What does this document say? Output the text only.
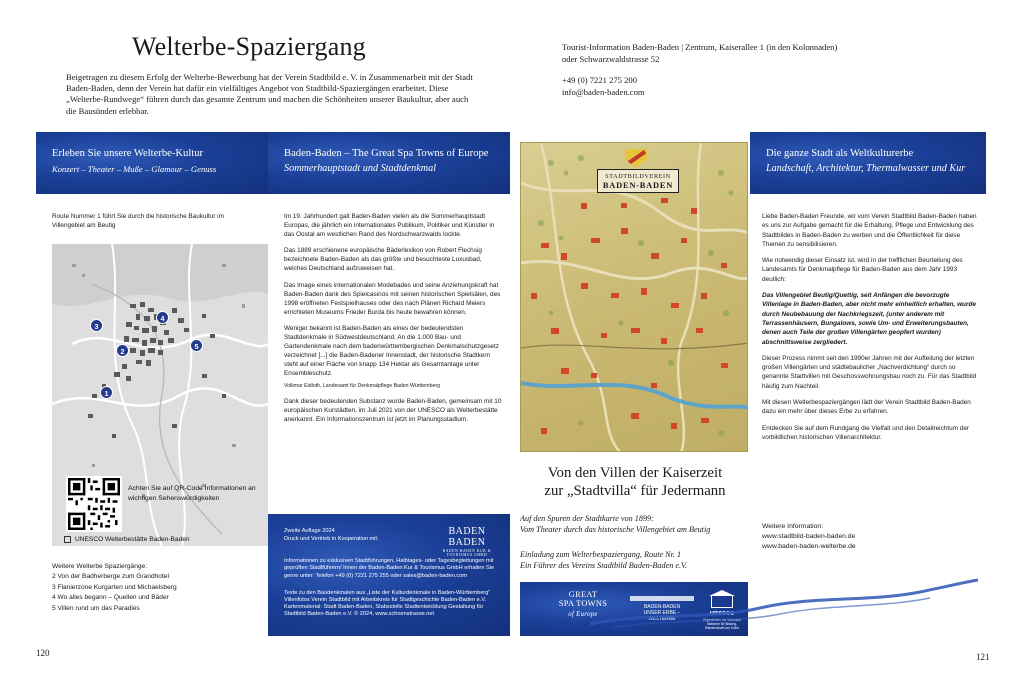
Welterbe-Spaziergang

Beigetragen zu diesem Erfolg der Welterbe-Bewerbung hat der Verein Stadtbild e. V. in Zusammenarbeit mit der Stadt Baden-Baden, denn der Verein hat dafür ein vielfältiges Angebot von Stadtbild-Spaziergängen erarbeitet. Diese „Welterbe-Rundwege“ führen durch das gesamte Zentrum und machen die Schönheiten unserer Baukultur, aber auch die Bausünden erlebbar.

Tourist-Information Baden-Baden | Zentrum, Kaiserallee 1 (in den Kolonnaden)
oder Schwarzwaldstrasse 52
+49 (0) 7221 275 200
info@baden-baden.com
Erleben Sie unsere Welterbe-Kultur
Konzert – Theater – Muße – Glamour – Genuss
Route Nummer 1 führt Sie durch die historische Baukultur im Villengebiet am Beutig
1
2
3
4
5
Achten Sie auf QR-Code Informationen an wichtigen Sehenswürdigkeiten
UNESCO Welterbestätte Baden-Baden
Weitere Welterbe Spaziergänge:
2 Von der Badherberge zum Grandhotel
3 Flanierzone Kurgarten und Michaelsberg
4 Wo alles begann – Quellen und Bäder
5 Villen rund um das Paradies
Baden-Baden – The Great Spa Towns of Europe
Sommerhauptstadt und Stadtdenkmal

Im 19. Jahrhundert galt Baden-Baden vielen als die Sommerhauptstadt Europas, die jährlich ein internationales Publikum, Politiker und Künstler in das Oostal am westlichen Rand des Nordschwarzwalds lockte.

Das 1889 erschienene europäische Bäderlexikon von Robert Flechsig bezeichnete Baden-Baden als das größte und besuchteste Luxusbad, welches Deutschland aufzuweisen hat.

Das Image eines internationalen Modebades und seine Anziehungskraft hat Baden-Baden dank des Spielcasinos mit seinen historischen Spielsälen, des 1998 eröffneten Festspielhauses oder des nach Plänen Richard Meiers errichteten Museums Frieder Burda bis heute bewahren können.

Weniger bekannt ist Baden-Baden als eines der bedeutendsten Stadtdenkmale in Südwestdeutschland. An die 1.000 Bau- und Gartendenkmale nach dem badenwürttembergischen Denkmalschutzgesetz verzeichnet [...] die Baden-Badener Innenstadt, der historische Stadtkern steht auf einer Fläche von knapp 134 Hektar als Gesamtanlage unter Ensembleschutz.

Volkmar Eidloth, Landesamt für Denkmalpflege Baden Württemberg

Dank dieser bedeutenden Substanz wurde Baden-Baden, gemeinsam mit 10 europäischen Kurstädten, im Juli 2021 von der UNESCO als Welterbestätte anerkannt. Ein Informationszentrum ist jetzt im Planungsstadium.

Zweite Auflage 2024
Druck und Vertrieb in Kooperation mit:
BADEN BADEN
BADEN-BADEN KUR & TOURISMUS GMBH
Informationen zu exklusiven Stadtführungen, Halbtages- oder Tagesbegleitungen mit geprüften Stadtführern/ Innen der Baden-Baden Kur & Tourismus GmbH erhalten Sie gerne unter: Telefon +49 (0) 7221 275 255 oder sales@baden-baden.com
Texte zu den Baudenkmalen aus „Liste der Kulturdenkmale in Baden-Württemberg“ Villenfotos Verein Stadtbild mit Arbeitskreis für Stadtgeschichte Baden-Baden e.V. Kartenmaterial: Stadt Baden-Baden, Stabsstelle Stadtentwicklung Gestaltung für Stadtbild Baden-Baden e.V. © 2024, www.schoenstrasse.net
STADTBILDVEREIN
BADEN-BADEN
Von den Villen der Kaiserzeit
zur „Stadtvilla“ für Jedermann
Auf den Spuren der Stadtkarte von 1899:
Vom Theater durch das historische Villengebiet am Beutig
Einladung zum Welterbespaziergang, Route Nr. 1
Ein Führer des Vereins Stadtbild Baden-Baden e.V.
GREAT
SPA TOWNS
of Europe
BADEN-BADEN
UNSER ERBE –
WELTERBE
unesco
Organisation der Vereinten Nationen für Bildung, Wissenschaft und Kultur
Die ganze Stadt als Weltkulturerbe
Landschaft, Architektur, Thermalwasser und Kur

Liebe Baden-Baden Freunde, wir vom Verein Stadtbild Baden-Baden haben es uns zur Aufgabe gemacht für die Erhaltung, Pflege und Entwicklung des Stadtbildes in Baden-Baden zu werben und die Öffentlichkeit für diese Themen zu sensibilisieren.

Wie notwendig dieser Einsatz ist, wird in der trefflichen Beurteilung des Landesamts für Denkmalpflege für Baden-Baden aus dem Jahr 1993 deutlich:

Das Villengebiet Beutig/Quettig, seit Anfängen die bevorzugte Villenlage in Baden-Baden, aber nicht mehr einheitlich erhalten, wurde durch Neubebauung der Nachkriegszeit, (unter anderem mit Terrassenhäusern, Bungalows, sowie Um- und Erweiterungsbauten, denen auch Teile der großen Villengärten geopfert wurden) abschnittsweise zergliedert.

Dieser Prozess nimmt seit den 1990er Jahren mit der Aufteilung der letzten großen Villengärten und städtebaulicher „Nachverdichtung“ durch so genannte Stadtvillen mit Geschosswohnungsbau noch zu. Für das Stadtbild häufig zum Nachteil.

Mit diesen Welterbespaziergängen lädt der Verein Stadtbild Baden-Baden dazu ein mehr über dieses Erbe zu erfahren.

Entdecken Sie auf dem Rundgang die Vielfalt und den Detailreichtum der vorbildlichen historischen Villenarchitektur.

Weitere Information:
www.stadtbild-baden-baden.de
www.baden-baden-welterbe.de
120	121
